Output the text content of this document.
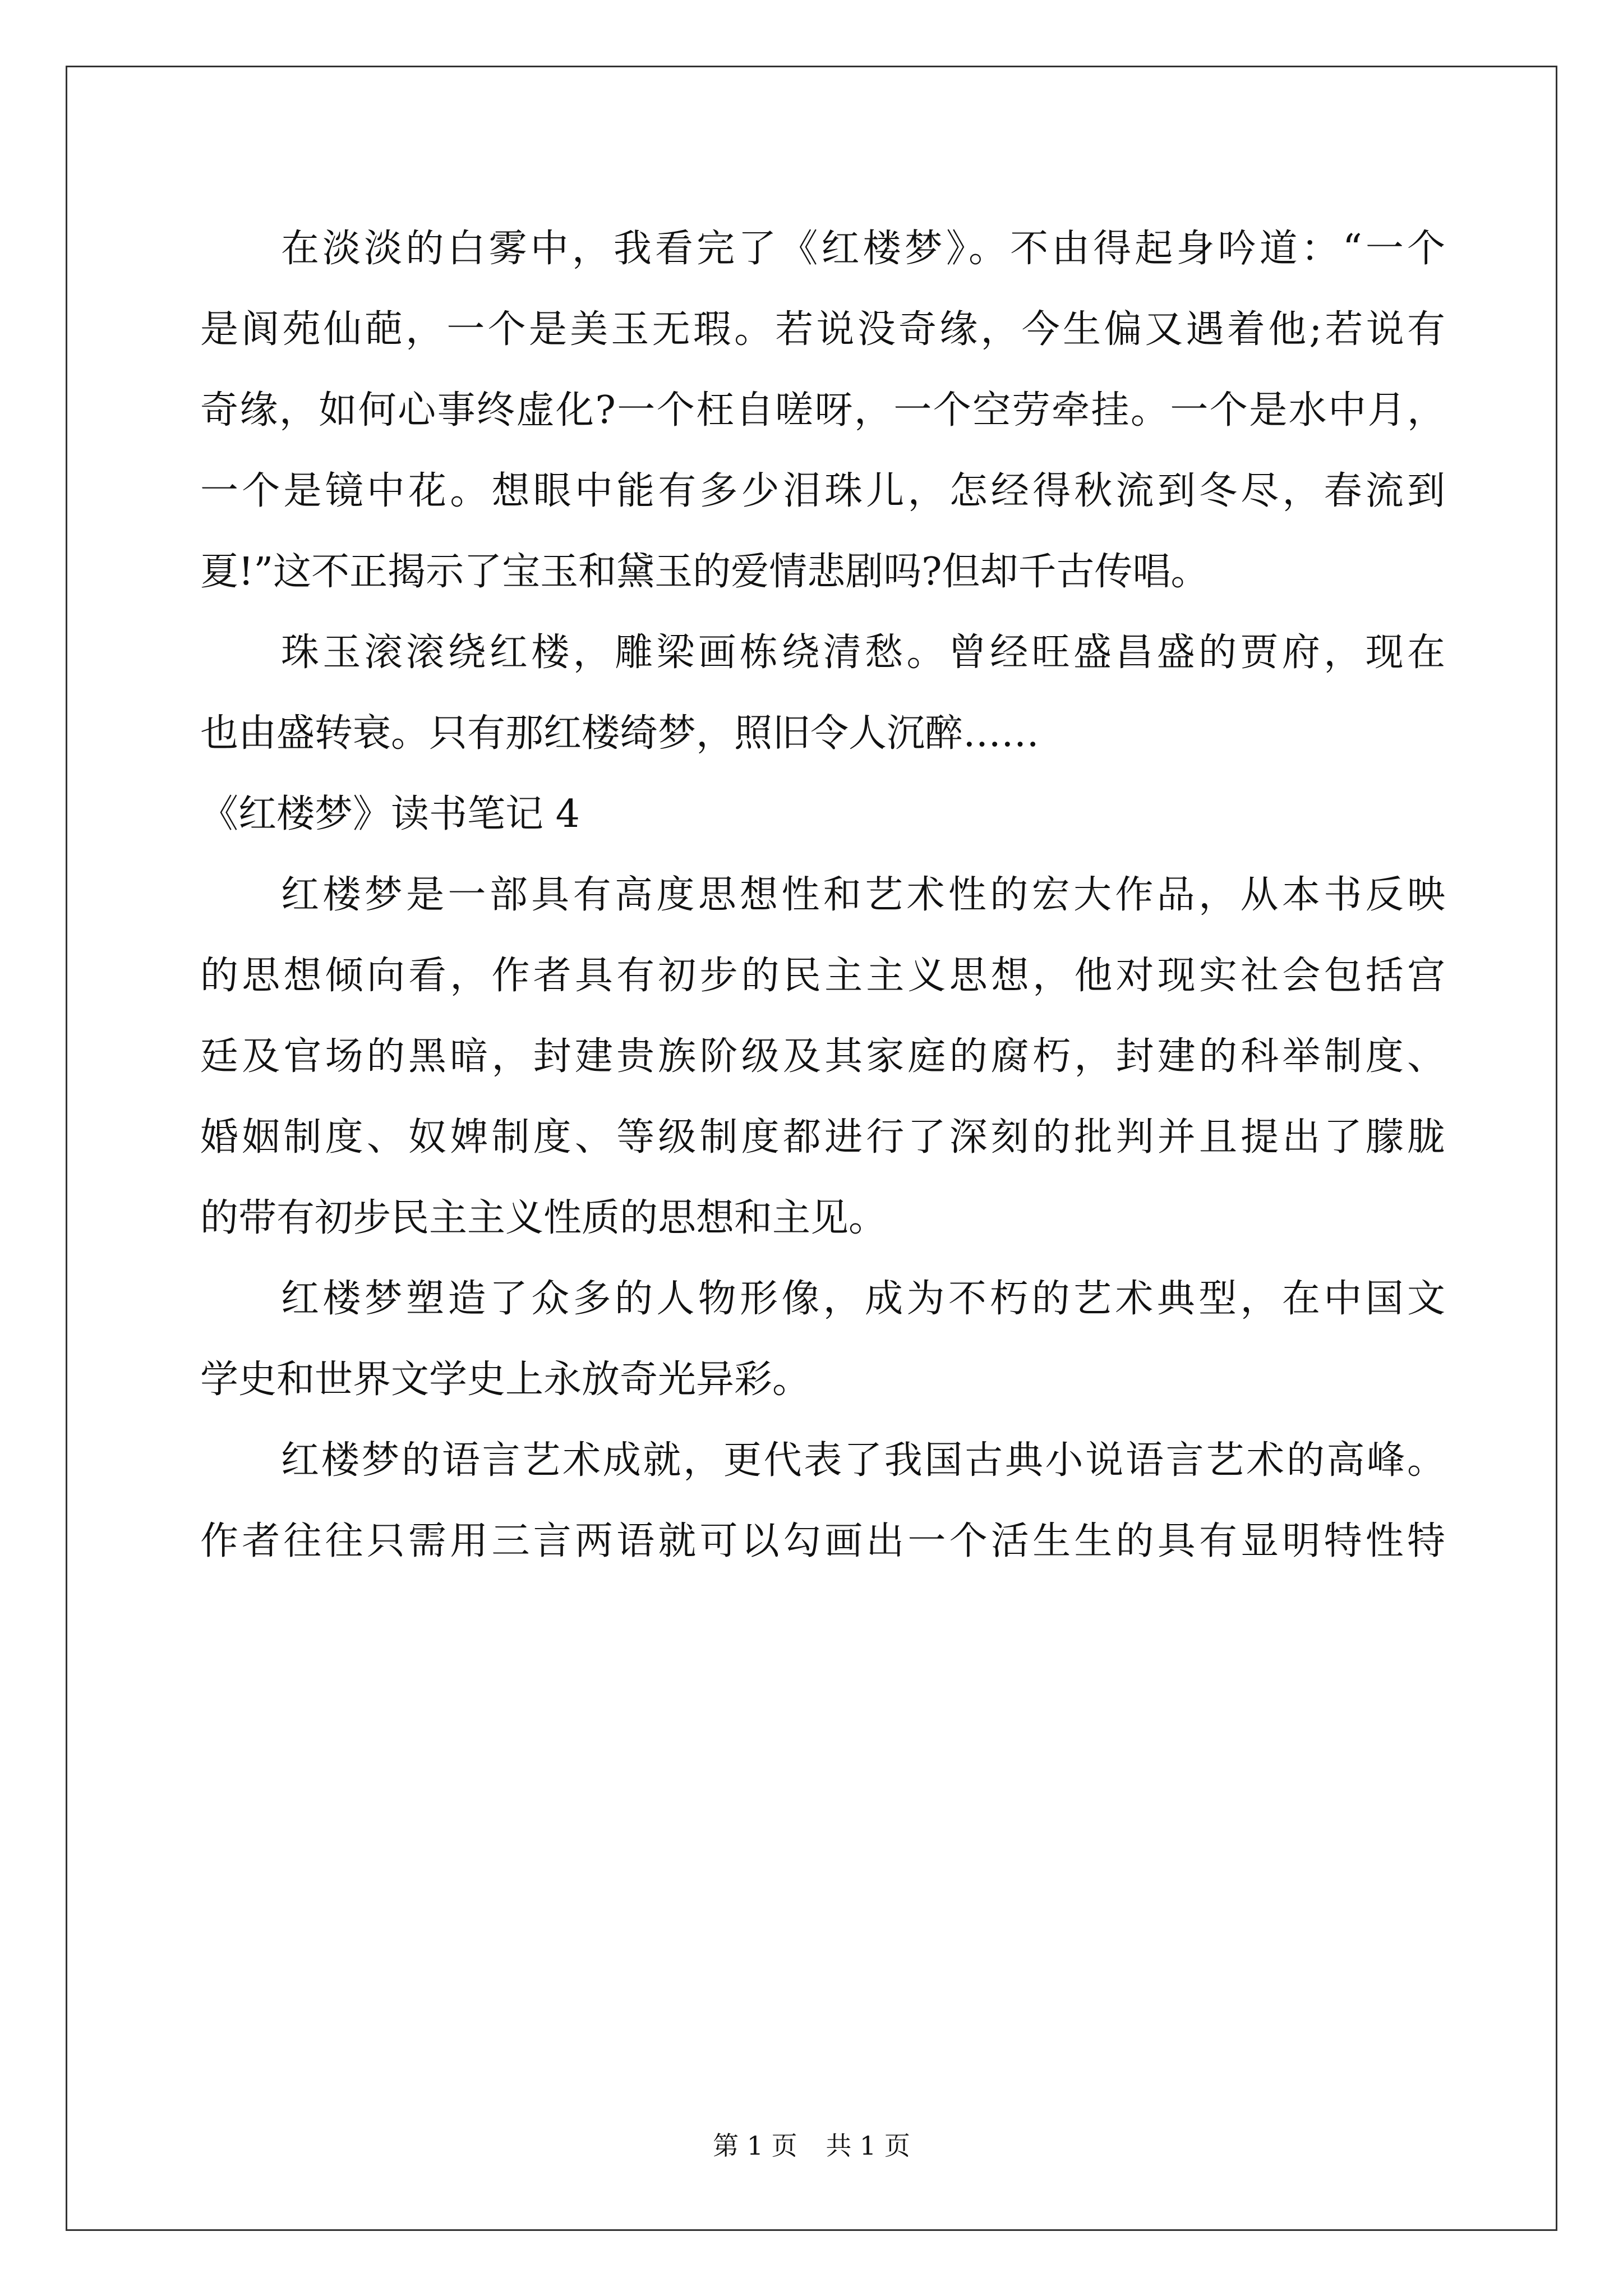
在淡淡的白雾中，我看完了《红楼梦》。不由得起身吟道：“一个
是阆苑仙葩，一个是美玉无瑕。若说没奇缘，今生偏又遇着他;若说有
奇缘，如何心事终虚化?一个枉自嗟呀，一个空劳牵挂。一个是水中月，
一个是镜中花。想眼中能有多少泪珠儿，怎经得秋流到冬尽，春流到
夏!”这不正揭示了宝玉和黛玉的爱情悲剧吗?但却千古传唱。
珠玉滚滚绕红楼，雕梁画栋绕清愁。曾经旺盛昌盛的贾府，现在
也由盛转衰。只有那红楼绮梦，照旧令人沉醉……
《红楼梦》读书笔记 4
红楼梦是一部具有高度思想性和艺术性的宏大作品，从本书反映
的思想倾向看，作者具有初步的民主主义思想，他对现实社会包括宫
廷及官场的黑暗，封建贵族阶级及其家庭的腐朽，封建的科举制度、
婚姻制度、奴婢制度、等级制度都进行了深刻的批判并且提出了朦胧
的带有初步民主主义性质的思想和主见。
红楼梦塑造了众多的人物形像，成为不朽的艺术典型，在中国文
学史和世界文学史上永放奇光异彩。
红楼梦的语言艺术成就，更代表了我国古典小说语言艺术的高峰。
作者往往只需用三言两语就可以勾画出一个活生生的具有显明特性特
第 1 页 共 1 页
